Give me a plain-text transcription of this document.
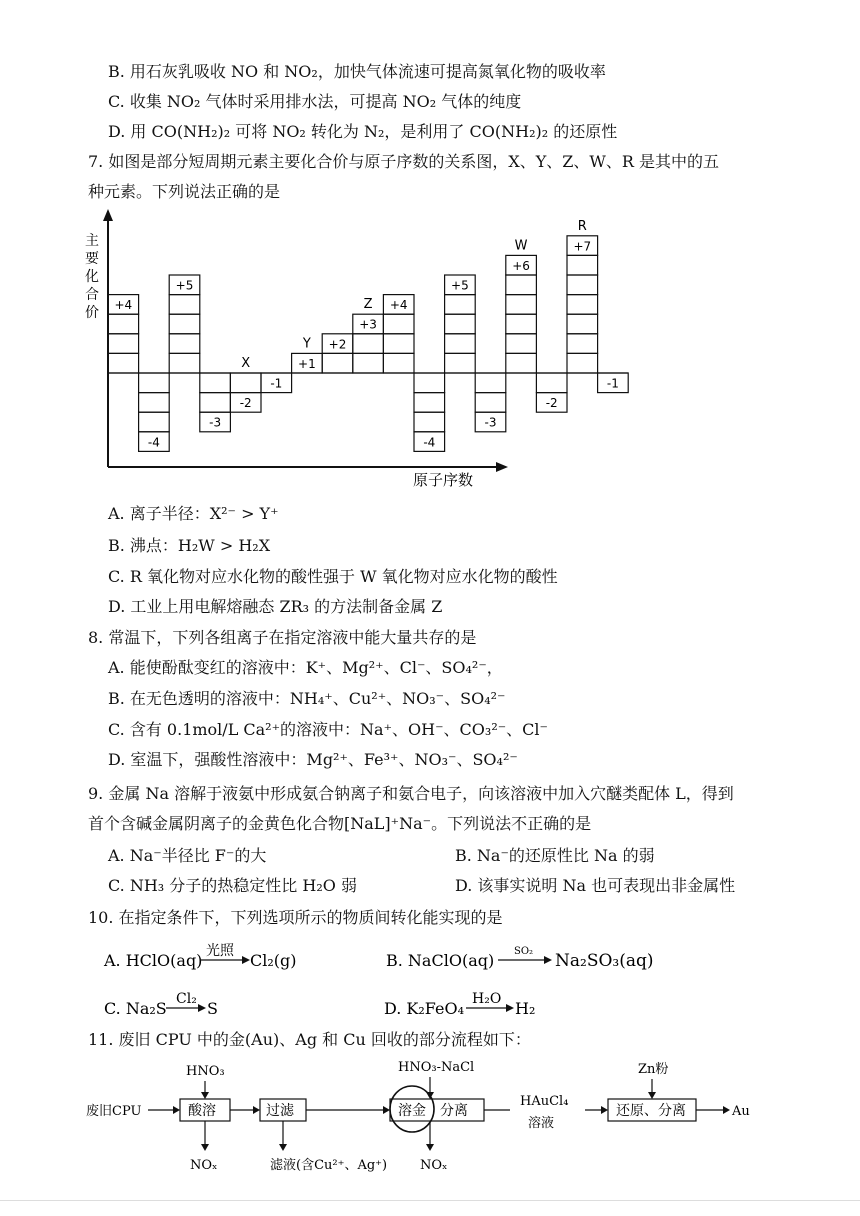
B. 用石灰乳吸收 NO 和 NO₂，加快气体流速可提高氮氧化物的吸收率
C. 收集 NO₂ 气体时采用排水法，可提高 NO₂ 气体的纯度
D. 用 CO(NH₂)₂ 可将 NO₂ 转化为 N₂，是利用了 CO(NH₂)₂ 的还原性
7. 如图是部分短周期元素主要化合价与原子序数的关系图，X、Y、Z、W、R 是其中的五
种元素。下列说法正确的是
+4
-4
+5
-3
-2
X
-1
+1
Y +2
+3
Z +4
-4
+5
-3
+6
W
-2
+7
R
-1
主
要
化
合
价
原子序数
A. 离子半径：X²⁻ > Y⁺
B. 沸点：H₂W > H₂X
C. R 氧化物对应水化物的酸性强于 W 氧化物对应水化物的酸性
D. 工业上用电解熔融态 ZR₃ 的方法制备金属 Z
8. 常温下，下列各组离子在指定溶液中能大量共存的是
A. 能使酚酞变红的溶液中：K⁺、Mg²⁺、Cl⁻、SO₄²⁻，
B. 在无色透明的溶液中：NH₄⁺、Cu²⁺、NO₃⁻、SO₄²⁻
C. 含有 0.1mol/L Ca²⁺的溶液中：Na⁺、OH⁻、CO₃²⁻、Cl⁻
D. 室温下，强酸性溶液中：Mg²⁺、Fe³⁺、NO₃⁻、SO₄²⁻
9. 金属 Na 溶解于液氨中形成氨合钠离子和氨合电子，向该溶液中加入穴醚类配体 L，得到
首个含碱金属阴离子的金黄色化合物[NaL]⁺Na⁻。下列说法不正确的是
A. Na⁻半径比 F⁻的大	B. Na⁻的还原性比 Na 的弱
C. NH₃ 分子的热稳定性比 H₂O 弱	D. 该事实说明 Na 也可表现出非金属性
10. 在指定条件下，下列选项所示的物质间转化能实现的是
A. HClO(aq) 光照 Cl₂(g)	B. NaClO(aq) SO₂ Na₂SO₃(aq)
C. Na₂S Cl₂ S	D. K₂FeO₄ H₂O H₂
11. 废旧 CPU 中的金(Au)、Ag 和 Cu 回收的部分流程如下：
废旧CPU	酸溶
HNO₃
NOₓ
过滤
滤液(含Cu²⁺、Ag⁺)
溶金 分离
HNO₃-NaCl
NOₓ
HAuCl₄
溶液
还原、分离
Zn粉
Au
